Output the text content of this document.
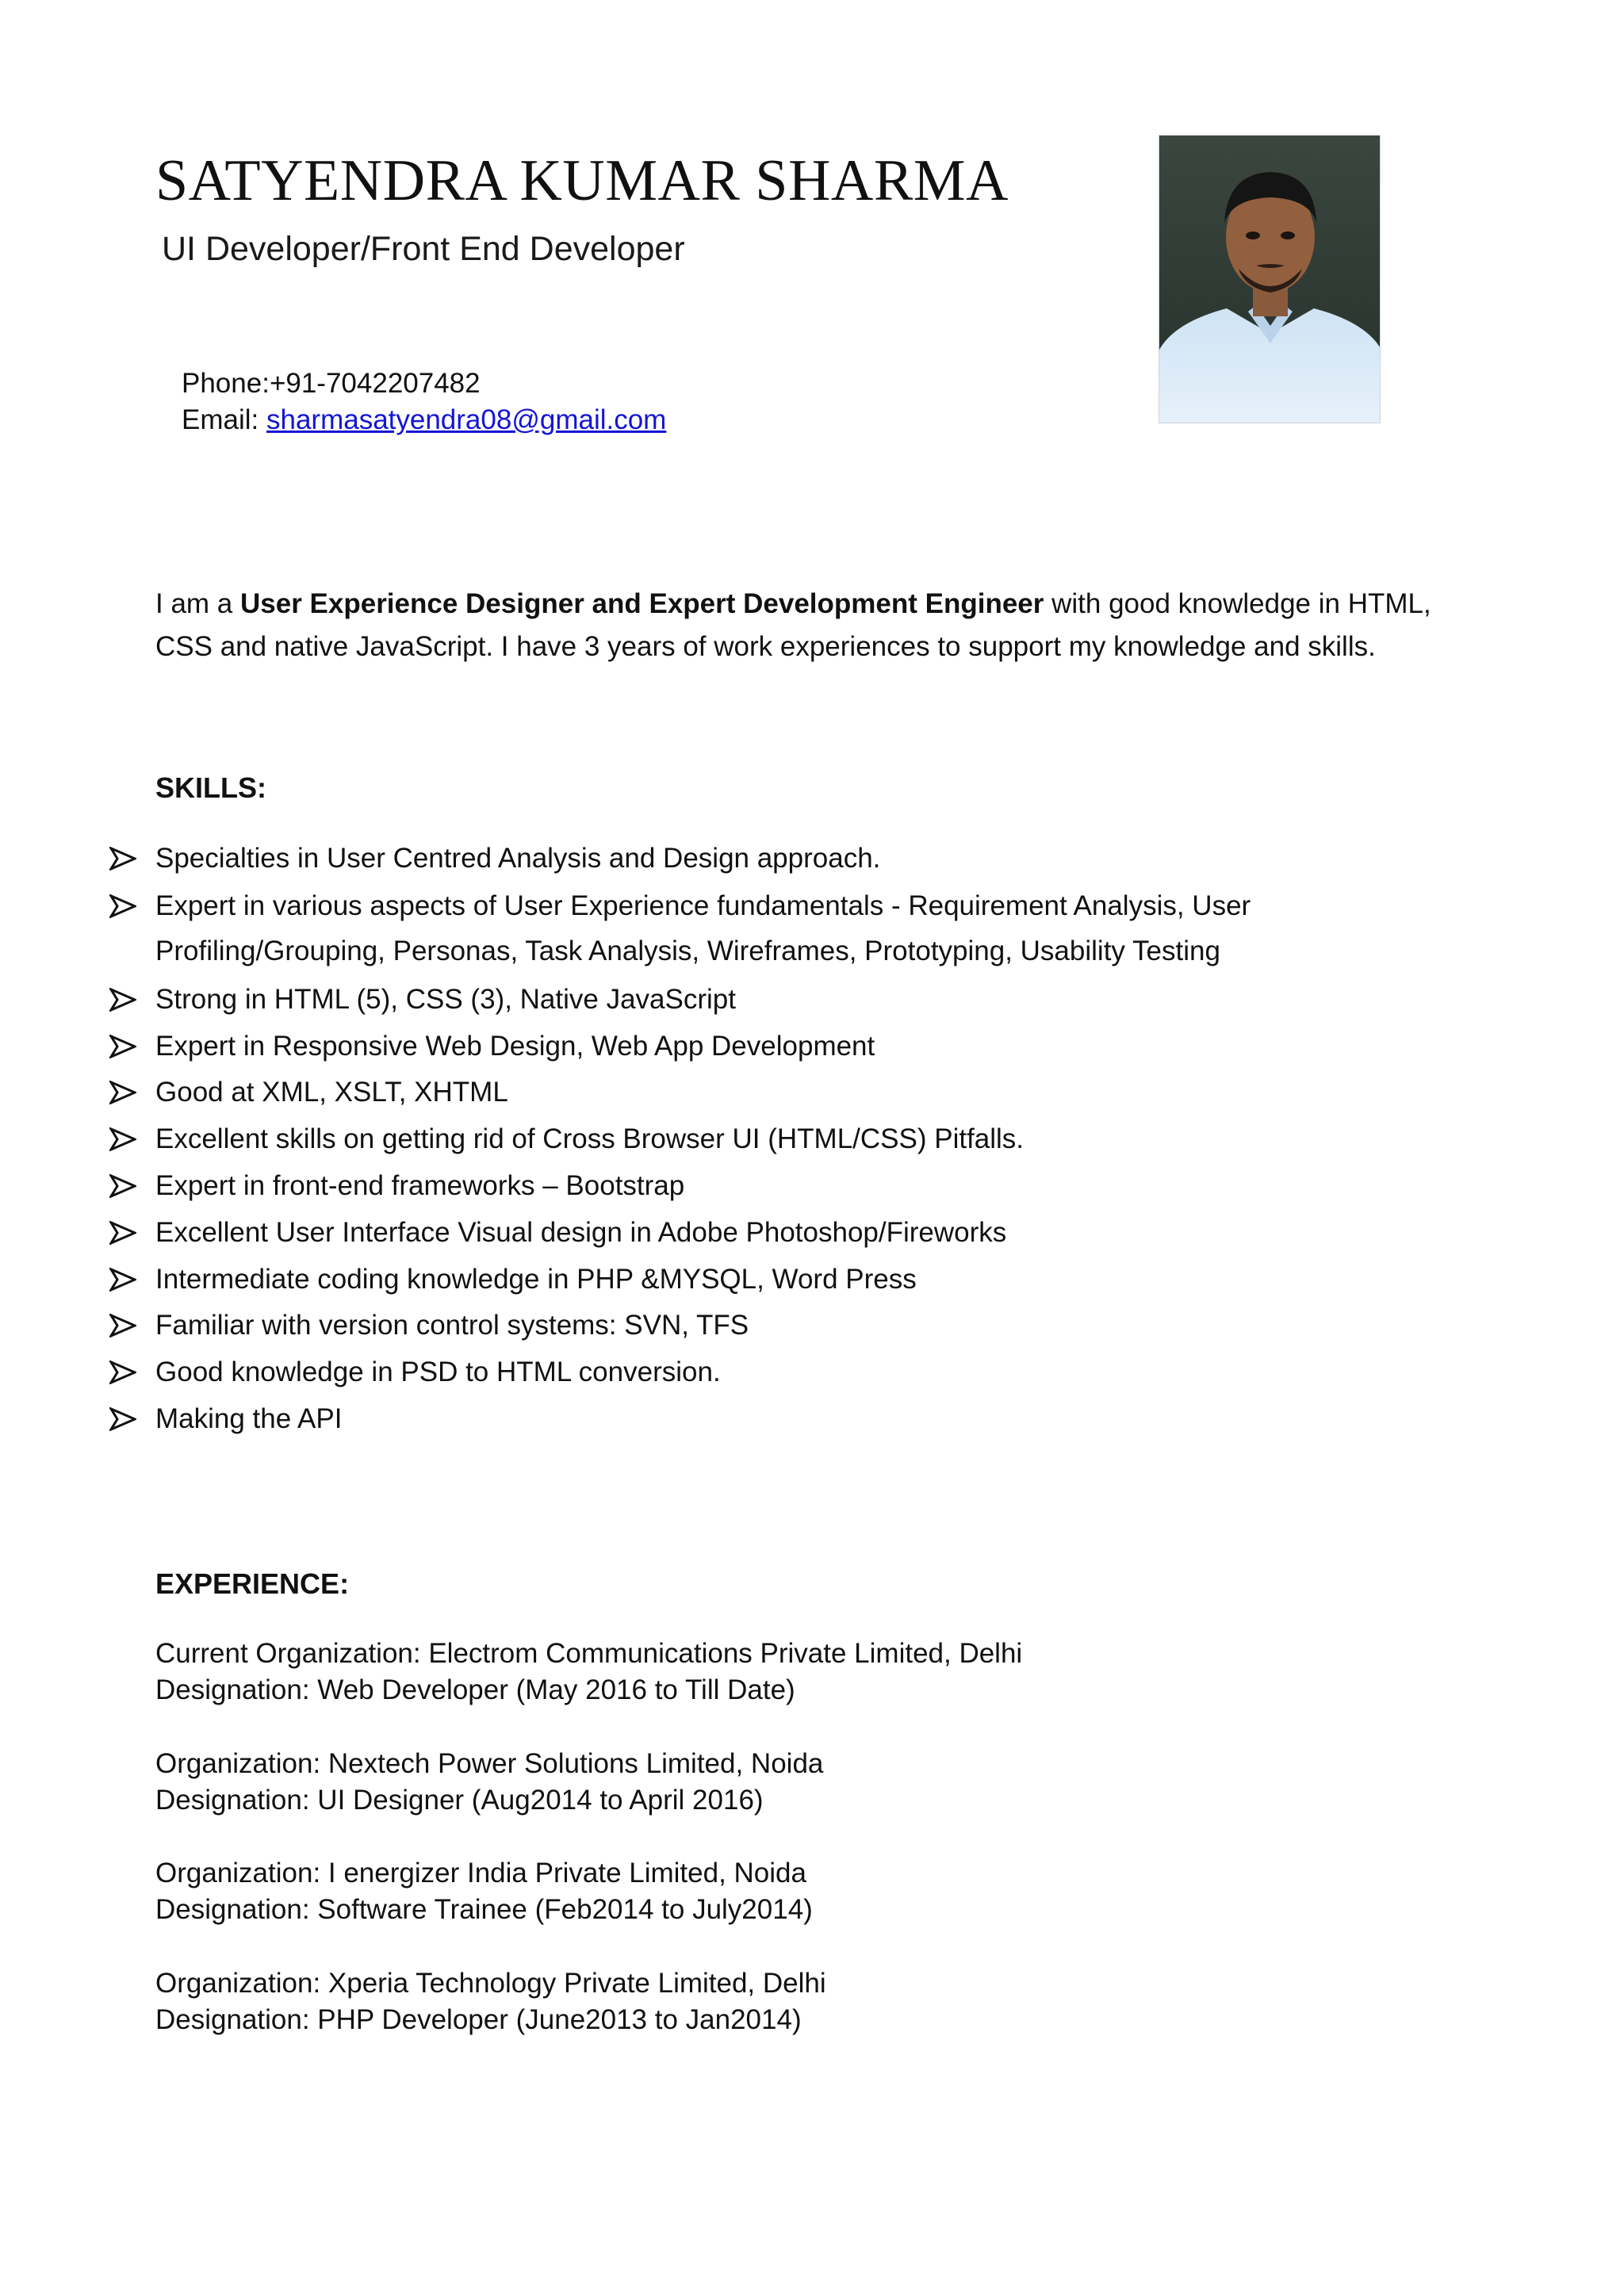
SATYENDRA KUMAR SHARMA
UI Developer/Front End Developer
Phone:+91-7042207482
Email: sharmasatyendra08@gmail.com
I am a User Experience Designer and Expert Development Engineer with good knowledge in HTML, CSS and native JavaScript. I have 3 years of work experiences to support my knowledge and skills.
SKILLS:
Specialties in User Centred Analysis and Design approach.
Expert in various aspects of User Experience fundamentals - Requirement Analysis, User
Profiling/Grouping, Personas, Task Analysis, Wireframes, Prototyping, Usability Testing
Strong in HTML (5), CSS (3), Native JavaScript
Expert in Responsive Web Design, Web App Development
Good at XML, XSLT, XHTML
Excellent skills on getting rid of Cross Browser UI (HTML/CSS) Pitfalls.
Expert in front-end frameworks – Bootstrap
Excellent User Interface Visual design in Adobe Photoshop/Fireworks
Intermediate coding knowledge in PHP &MYSQL, Word Press
Familiar with version control systems: SVN, TFS
Good knowledge in PSD to HTML conversion.
Making the API
EXPERIENCE:
Current Organization: Electrom Communications Private Limited, Delhi
Designation: Web Developer (May 2016 to Till Date)
Organization: Nextech Power Solutions Limited, Noida
Designation: UI Designer (Aug2014 to April 2016)
Organization: I energizer India Private Limited, Noida
Designation: Software Trainee (Feb2014 to July2014)
Organization: Xperia Technology Private Limited, Delhi
Designation: PHP Developer (June2013 to Jan2014)
